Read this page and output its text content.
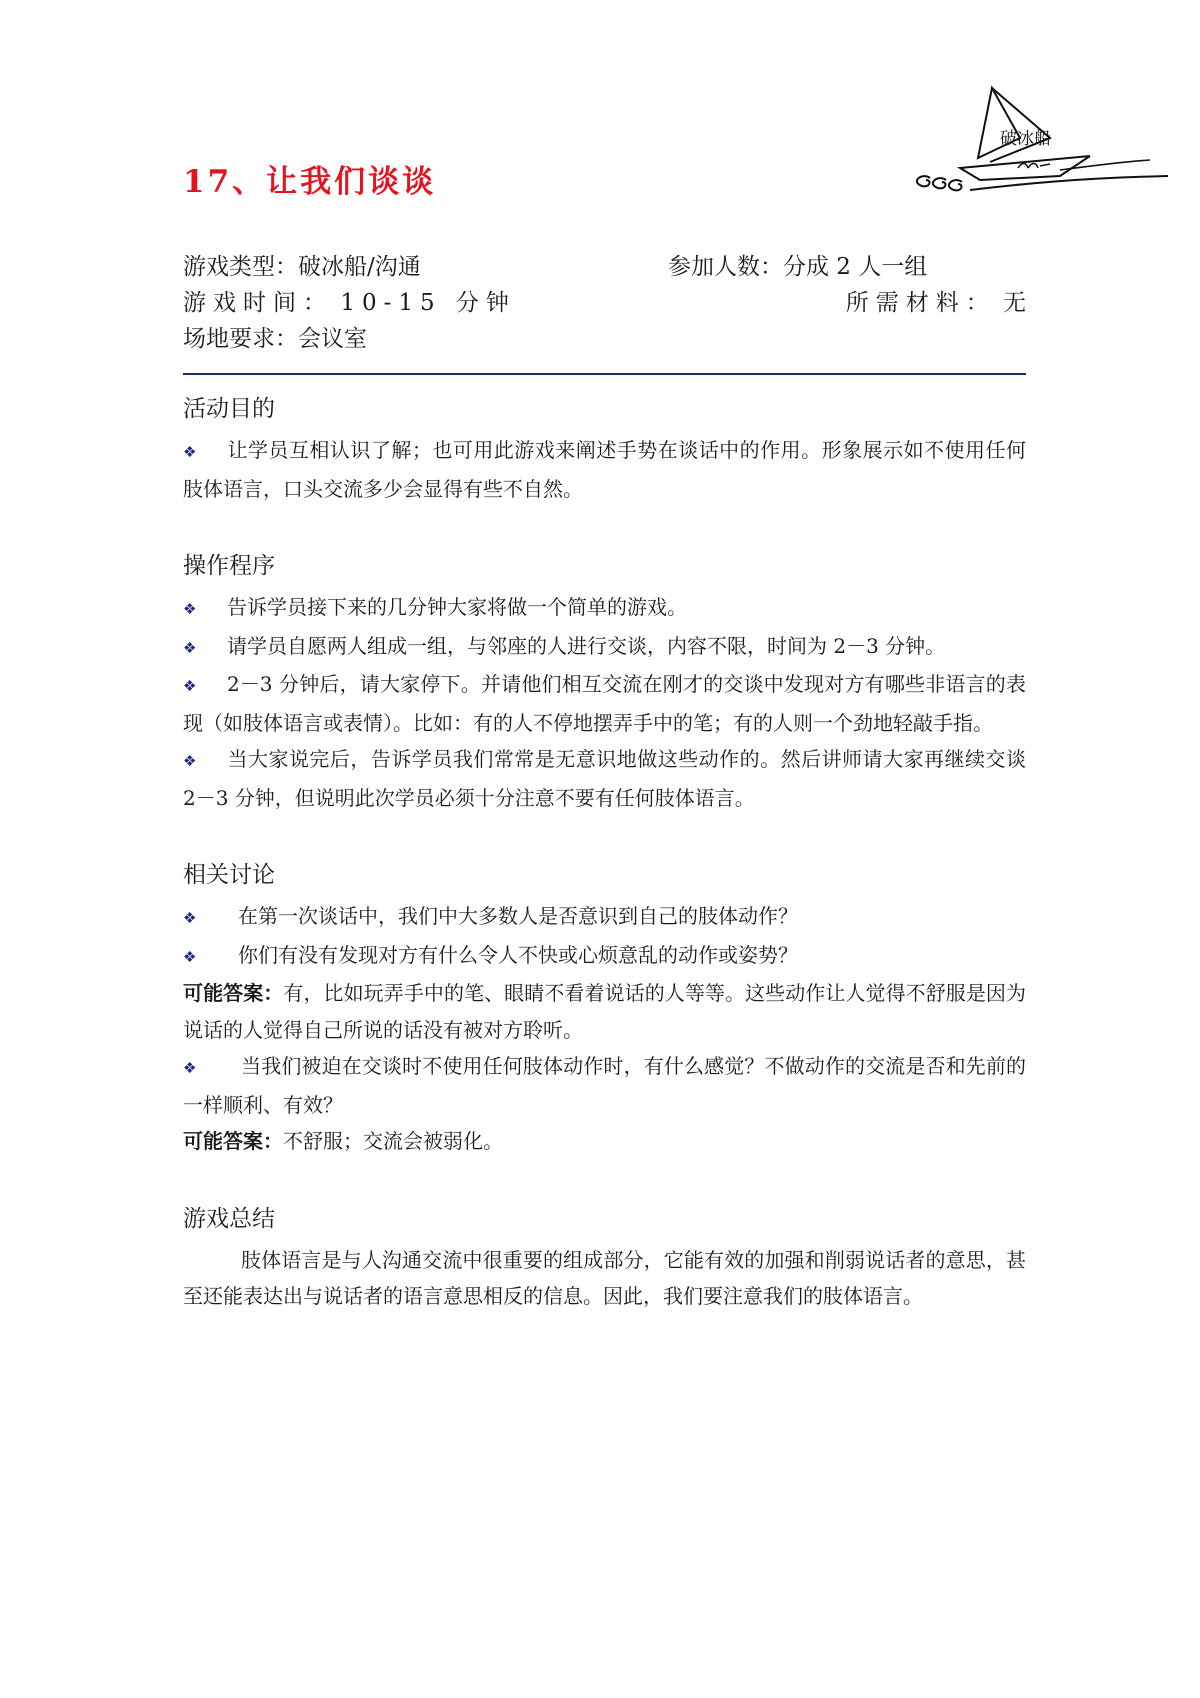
破冰船
17、让我们谈谈
游戏类型：破冰船/沟通	参加人数：分成 2 人一组
游戏时间： 10-15 分钟	所需材料： 无
场地要求：会议室
活动目的

❖ 让学员互相认识了解；也可用此游戏来阐述手势在谈话中的作用。形象展示如不使用任何肢体语言，口头交流多少会显得有些不自然。

操作程序

❖ 告诉学员接下来的几分钟大家将做一个简单的游戏。

❖ 请学员自愿两人组成一组，与邻座的人进行交谈，内容不限，时间为 2－3 分钟。

❖ 2－3 分钟后，请大家停下。并请他们相互交流在刚才的交谈中发现对方有哪些非语言的表现（如肢体语言或表情）。比如：有的人不停地摆弄手中的笔；有的人则一个劲地轻敲手指。

❖ 当大家说完后，告诉学员我们常常是无意识地做这些动作的。然后讲师请大家再继续交谈 2－3 分钟，但说明此次学员必须十分注意不要有任何肢体语言。

相关讨论

❖ 在第一次谈话中，我们中大多数人是否意识到自己的肢体动作？

❖ 你们有没有发现对方有什么令人不快或心烦意乱的动作或姿势？

可能答案：有，比如玩弄手中的笔、眼睛不看着说话的人等等。这些动作让人觉得不舒服是因为说话的人觉得自己所说的话没有被对方聆听。

❖ 当我们被迫在交谈时不使用任何肢体动作时，有什么感觉？不做动作的交流是否和先前的一样顺利、有效？

可能答案：不舒服；交流会被弱化。

游戏总结

肢体语言是与人沟通交流中很重要的组成部分，它能有效的加强和削弱说话者的意思，甚至还能表达出与说话者的语言意思相反的信息。因此，我们要注意我们的肢体语言。
